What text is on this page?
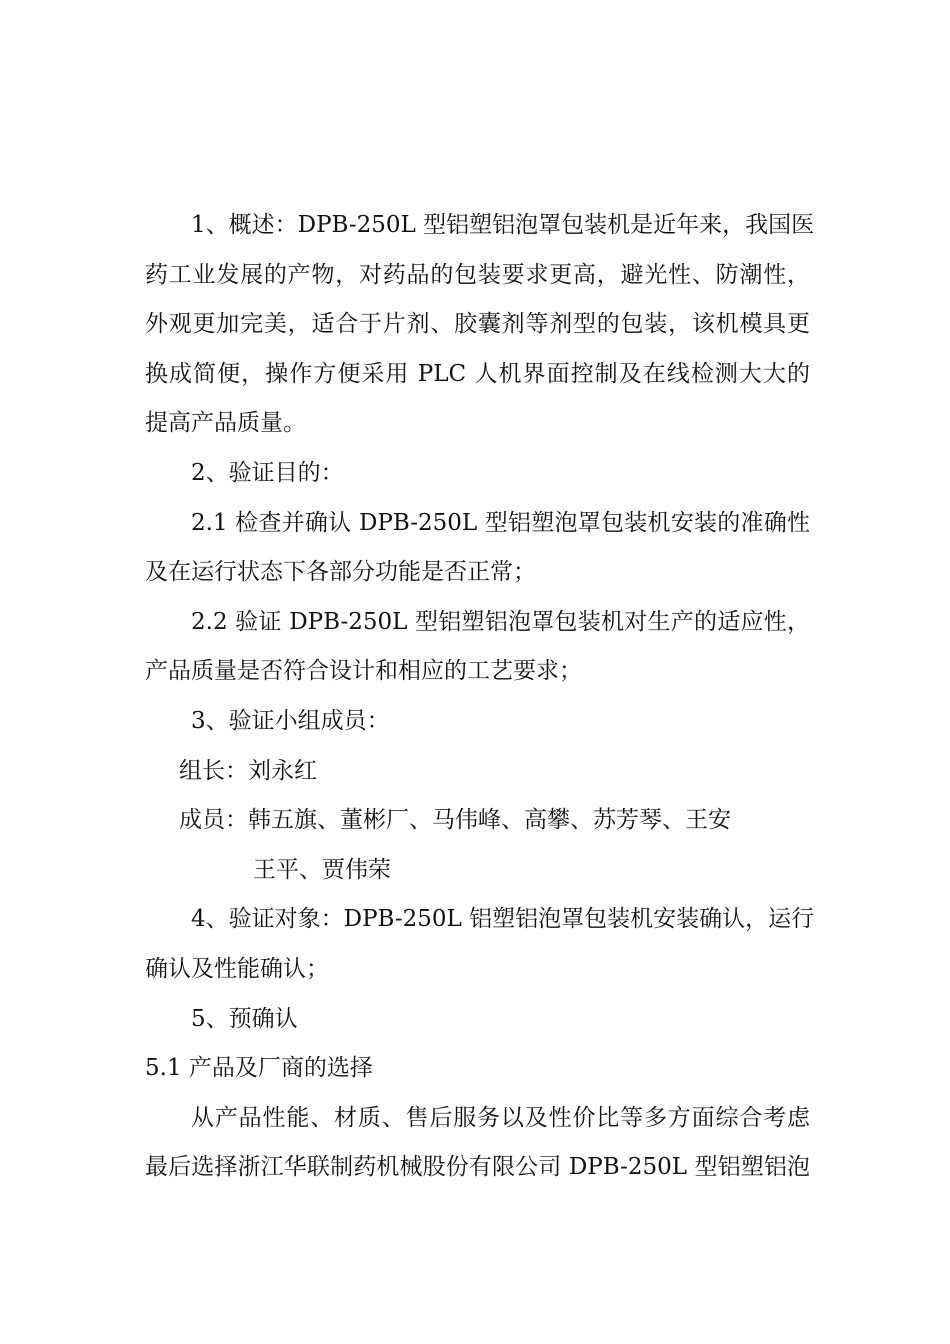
1、概述：DPB-250L 型铝塑铝泡罩包装机是近年来，我国医
药工业发展的产物，对药品的包装要求更高，避光性、防潮性，
外观更加完美，适合于片剂、胶囊剂等剂型的包装，该机模具更
换成简便，操作方便采用 PLC 人机界面控制及在线检测大大的
提高产品质量。
2、验证目的：
2.1 检查并确认 DPB-250L 型铝塑泡罩包装机安装的准确性
及在运行状态下各部分功能是否正常；
2.2 验证 DPB-250L 型铝塑铝泡罩包装机对生产的适应性，
产品质量是否符合设计和相应的工艺要求；
3、验证小组成员：
组长：刘永红
成员：韩五旗、董彬厂、马伟峰、高攀、苏芳琴、王安
王平、贾伟荣
4、验证对象：DPB-250L 铝塑铝泡罩包装机安装确认，运行
确认及性能确认；
5、预确认
5.1 产品及厂商的选择
从产品性能、材质、售后服务以及性价比等多方面综合考虑
最后选择浙江华联制药机械股份有限公司 DPB-250L 型铝塑铝泡
